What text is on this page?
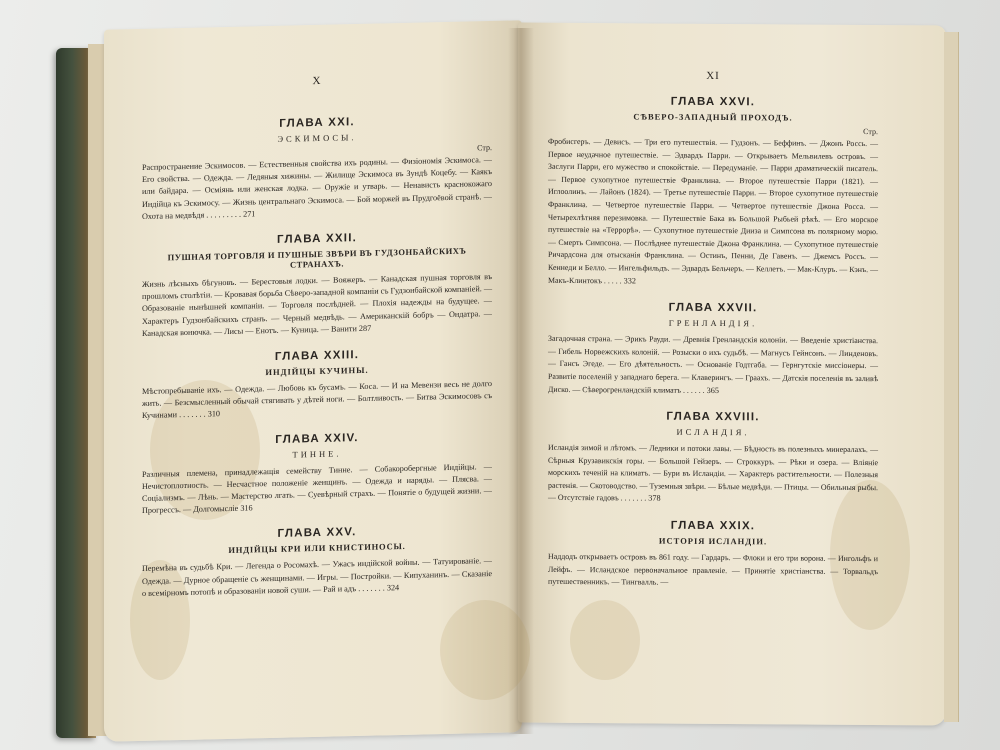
X
ГЛАВА XXI.
ЭСКИМОСЫ.
Стр.

Распространение Эскимосов. — Естественныя свойства ихъ родины. — Физіономія Эскимоса. — Его свойства. — Одежда. — Ледяныя хижины. — Жилище Эскимоса въ Зундѣ Коцебу. — Каякъ или байдара. — Осміянь или женская лодка. — Оружіе и утварь. — Ненависть краснокожаго Индійца къ Эскимосу. — Жизнь центральнаго Эскимоса. — Бой моржей въ Прудгоёвой странѣ. — Охота на медвѣдя . . . . . . . . . 271

ГЛАВА XXII.
ПУШНАЯ ТОРГОВЛЯ И ПУШНЫЕ ЗВѢРИ ВЪ ГУДЗОНБАЙСКИХЪ СТРАНАХЪ.

Жизнь лѣсныхъ бѣгуновъ. — Берестовыя лодки. — Вояжеръ. — Канадская пушная торговля въ прошломъ столѣтіи. — Кровавая борьба Сѣверо-западной компаніи съ Гудзонбайской компаніей. — Образованіе нынѣшней компаніи. — Торговля послѣдней. — Плохія надежды на будущее. — Характеръ Гудзонбайскихъ странъ. — Черный медвѣдь. — Американскій бобръ — Ондатра. — Канадская вонючка. — Лисы — Енотъ. — Куница. — Ванити 287

ГЛАВА XXIII.
ИНДІЙЦЫ КУЧИНЫ.

Мѣстопребываніе ихъ. — Одежда. — Любовь къ бусамъ. — Коса. — И на Мевензи весь не долго жить. — Безсмысленный обычай стягивать у дѣтей ноги. — Болтливость. — Битва Эскимосовъ съ Кучинами . . . . . . . 310

ГЛАВА XXIV.
ТИННЕ.

Различныя племена, принадлежащія семейству Тинне. — Собакоробергные Индійцы. — Нечистоплотность. — Несчастное положеніе женщинъ. — Одежда и наряды. — Плясва. — Соціализмъ. — Лѣнь. — Мастерство лгать. — Суевѣрный страхъ. — Понятіе о будущей жизни. — Прогрессъ. — Долгомысліе 316

ГЛАВА XXV.
ИНДІЙЦЫ КРИ ИЛИ КНИСТИНОСЫ.

Перемѣна въ судьбѣ Кри. — Легенда о Росомахѣ. — Ужасъ индійской войны. — Татуированіе. — Одежда. — Дурное обращеніе съ женщинами. — Игры. — Постройки. — Кипуханинъ. — Сказаніе о всемірномъ потопѣ и образованіи новой суши. — Рай и адъ . . . . . . . 324

XI
ГЛАВА XXVI.
СѢВЕРО-ЗАПАДНЫЙ ПРОХОДЪ.
Стр.

Фробисгеръ. — Девисъ. — Три его путешествія. — Гудзонъ. — Беффинъ. — Джонъ Россь. — Первое неудачное путешествіе. — Эдвардъ Парри. — Открываетъ Мельвилевъ островъ. — Заслуги Парри, его мужество и спокойствіе. — Передуманіе. — Парри драматическій писатель. — Первое сухопутное путешествіе Франклина. — Второе путешествіе Парри (1821). — Иглоолинъ. — Лайонъ (1824). — Третье путешествіе Парри. — Второе сухопутное путешествіе Франклина. — Четвертое путешествіе Парри. — Четвертое путешествіе Джона Росса. — Четырехлѣтняя перезимовка. — Путешествіе Бака въ Большой Рыбьей рѣкѣ. — Его морское путешествіе на «Террорѣ». — Сухопутное путешествіе Дииза и Симпсона въ полярному морю. — Смерть Симпсона. — Послѣднее путешествіе Джона Франклина. — Сухопутное путешествіе Ричардсона для отысканія Франклина. — Остинъ, Пенни, Де Гавенъ. — Джемсъ Россъ. — Кеннеди и Белло. — Ингельфильдъ. — Эдвардъ Бельчеръ. — Келлетъ. — Мак-Клуръ. — Кэнъ. — Макъ-Клинтокъ . . . . . 332

ГЛАВА XXVII.
ГРЕНЛАНДІЯ.

Загадочная страна. — Эрикъ Рауди. — Древнія Гренландскія колоніи. — Введеніе христіанства. — Гибель Норвежскихъ колоній. — Розыски о ихъ судьбѣ. — Магнусъ Гейнсонъ. — Линденовъ. — Гансъ Эгеде. — Его дѣятельность. — Основаніе Годтгаба. — Гернгутскіе миссіонеры. — Развитіе поселеній у западнаго берега. — Клаверингъ. — Граахъ. — Датскія поселенія въ заливѣ Диско. — Сѣверогренландскій климатъ . . . . . . 365

ГЛАВА XXVIII.
ИСЛАНДІЯ.

Исландія зимой и лѣтомъ. — Ледники и потоки лавы. — Бѣдность въ полезныхъ минералахъ. — Сѣрныя Крузавикскія горы. — Большой Гейзеръ. — Строккуръ. — Рѣки и озера. — Вліяніе морскихъ теченій на климатъ. — Бури въ Исландіи. — Характеръ растительности. — Полезныя растенія. — Скотоводство. — Туземныя звѣри. — Бѣлые медвѣди. — Птицы. — Обильныя рыбы. — Отсутствіе гадовъ . . . . . . . 378

ГЛАВА XXIX.
ИСТОРІЯ ИСЛАНДІИ.

Наддодъ открываетъ островъ въ 861 году. — Гардаръ. — Флоки и его три ворона. — Ингольфъ и Лейфъ. — Исландское первоначальное правленіе. — Принятіе христіанства. — Торвальдъ путешественникъ. — Тингвалль. —
